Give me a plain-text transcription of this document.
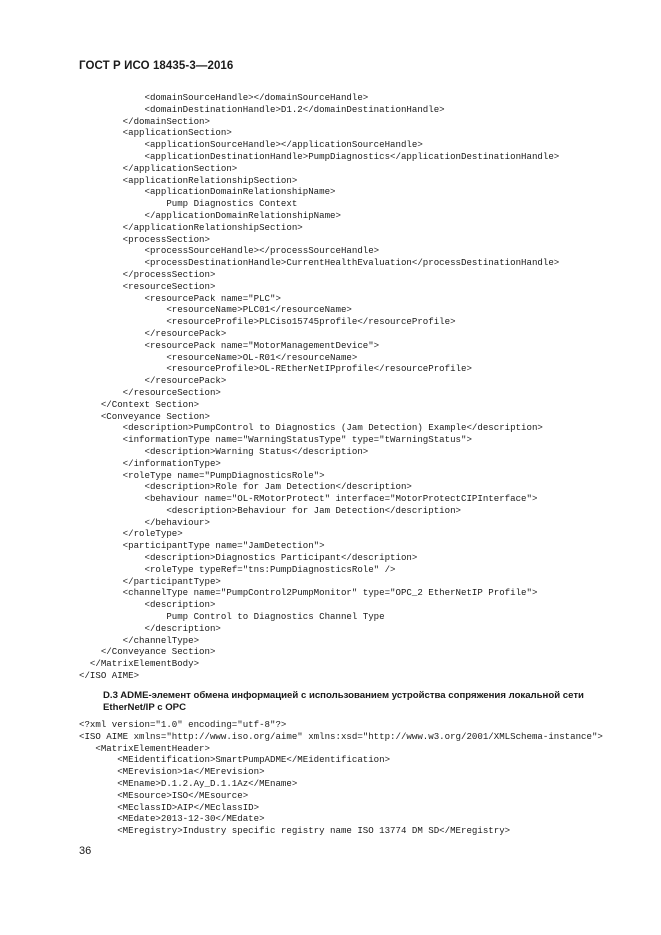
ГОСТ Р ИСО 18435-3—2016
<domainSourceHandle></domainSourceHandle>
<domainDestinationHandle>D1.2</domainDestinationHandle>
</domainSection>
<applicationSection>
<applicationSourceHandle></applicationSourceHandle>
<applicationDestinationHandle>PumpDiagnostics</applicationDestinationHandle>
</applicationSection>
<applicationRelationshipSection>
<applicationDomainRelationshipName>
Pump Diagnostics Context
</applicationDomainRelationshipName>
</applicationRelationshipSection>
<processSection>
<processSourceHandle></processSourceHandle>
<processDestinationHandle>CurrentHealthEvaluation</processDestinationHandle>
</processSection>
<resourceSection>
<resourcePack name="PLC">
<resourceName>PLC01</resourceName>
<resourceProfile>PLCiso15745profile</resourceProfile>
</resourcePack>
<resourcePack name="MotorManagementDevice">
<resourceName>OL-R01</resourceName>
<resourceProfile>OL-REtherNetIPprofile</resourceProfile>
</resourcePack>
</resourceSection>
</Context Section>
<Conveyance Section>
<description>PumpControl to Diagnostics (Jam Detection) Example</description>
<informationType name="WarningStatusType" type="tWarningStatus">
<description>Warning Status</description>
</informationType>
<roleType name="PumpDiagnosticsRole">
<description>Role for Jam Detection</description>
<behaviour name="OL-RMotorProtect" interface="MotorProtectCIPInterface">
<description>Behaviour for Jam Detection</description>
</behaviour>
</roleType>
<participantType name="JamDetection">
<description>Diagnostics Participant</description>
<roleType typeRef="tns:PumpDiagnosticsRole" />
</participantType>
<channelType name="PumpControl2PumpMonitor" type="OPC_2 EtherNetIP Profile">
<description>
Pump Control to Diagnostics Channel Type
</description>
</channelType>
</Conveyance Section>
</MatrixElementBody>
</ISO AIME>
D.3 ADME-элемент обмена информацией с использованием устройства сопряжения локальной сети EtherNet/IP с OPC
<?xml version="1.0" encoding="utf-8"?>
<ISO AIME xmlns="http://www.iso.org/aime" xmlns:xsd="http://www.w3.org/2001/XMLSchema-instance">
<MatrixElementHeader>
<MEidentification>SmartPumpADME</MEidentification>
<MErevision>1a</MErevision>
<MEname>D.1.2.Ay_D.1.1Az</MEname>
<MEsource>ISO</MEsource>
<MEclassID>AIP</MEclassID>
<MEdate>2013-12-30</MEdate>
<MEregistry>Industry specific registry name ISO 13774 DM SD</MEregistry>
36
